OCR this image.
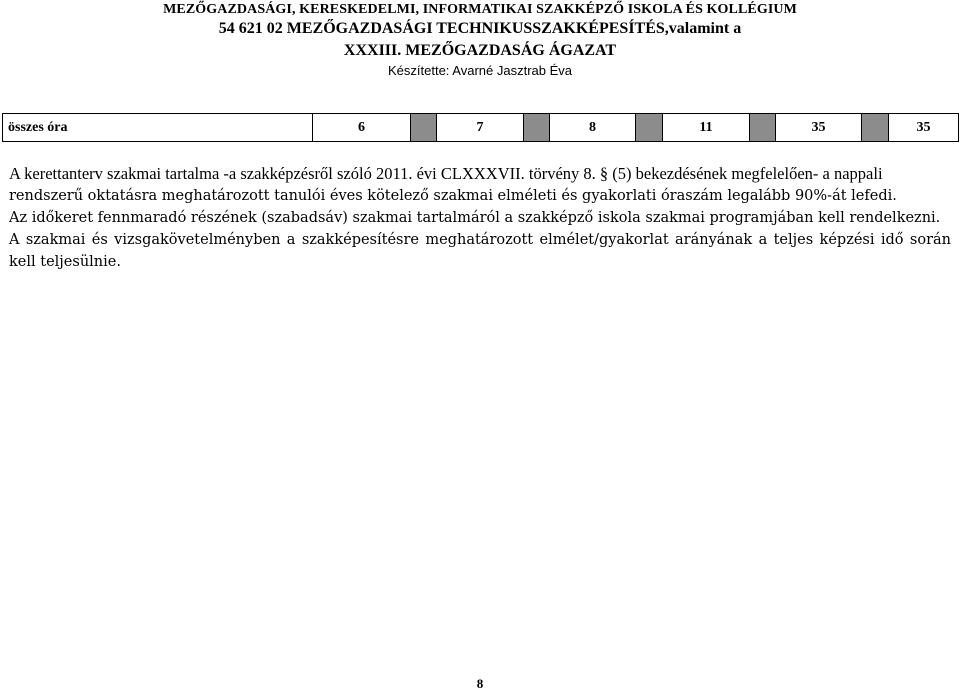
MEZŐGAZDASÁGI, KERESKEDELMI, INFORMATIKAI SZAKKÉPZŐ ISKOLA ÉS KOLLÉGIUM
54 621 02 MEZŐGAZDASÁGI TECHNIKUSSZAKKÉPESÍTÉS,valamint a
XXXIII. MEZŐGAZDASÁG ÁGAZAT
Készítette: Avarné Jasztrab Éva
összes óra	6		7		8		11		35		35

A kerettanterv szakmai tartalma -a szakképzésről szóló 2011. évi CLXXXVII. törvény 8. § (5) bekezdésének megfelelően- a nappali

rendszerű oktatásra meghatározott tanulói éves kötelező szakmai elméleti és gyakorlati óraszám legalább 90%-át lefedi.

Az időkeret fennmaradó részének (szabadsáv) szakmai tartalmáról a szakképző iskola szakmai programjában kell rendelkezni.

A szakmai és vizsgakövetelményben a szakképesítésre meghatározott elmélet/gyakorlat arányának a teljes képzési idő során kell teljesülnie.

8
